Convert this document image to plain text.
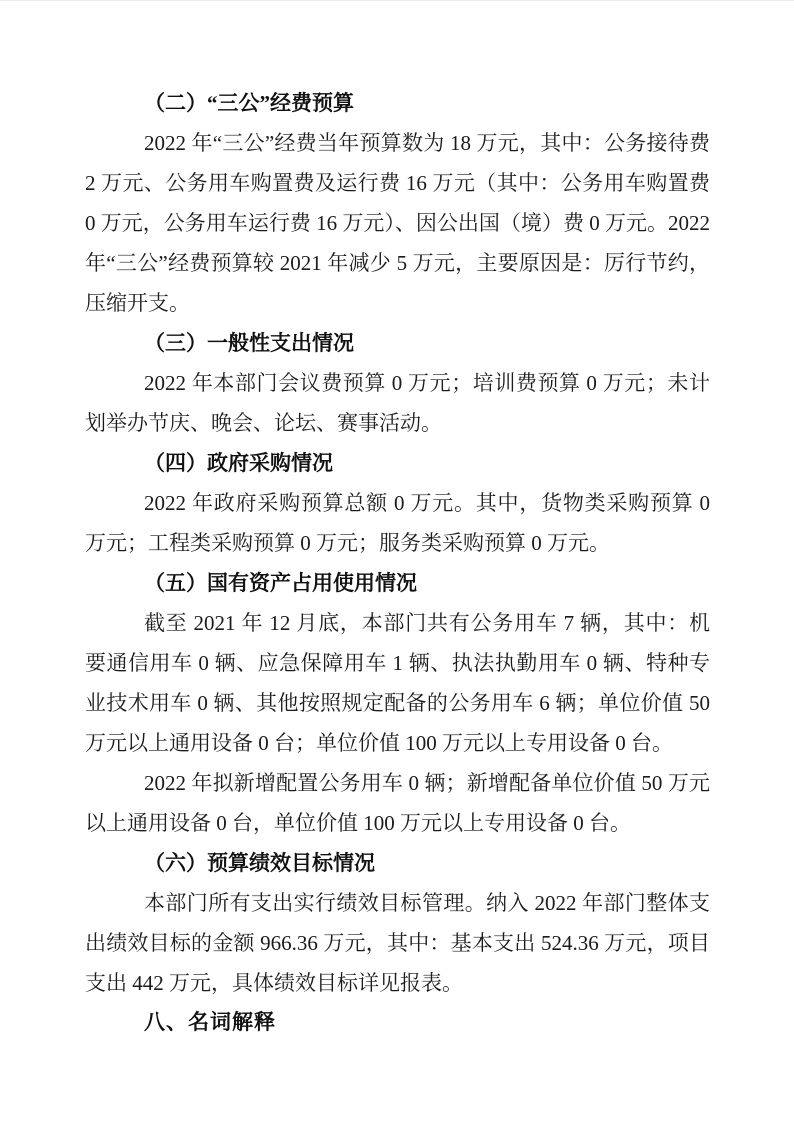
（二）“三公”经费预算

2022 年“三公”经费当年预算数为 18 万元，其中：公务接待费 2 万元、公务用车购置费及运行费 16 万元（其中：公务用车购置费 0 万元，公务用车运行费 16 万元）、因公出国（境）费 0 万元。2022 年“三公”经费预算较 2021 年减少 5 万元，主要原因是：厉行节约，压缩开支。

（三）一般性支出情况

2022 年本部门会议费预算 0 万元；培训费预算 0 万元；未计划举办节庆、晚会、论坛、赛事活动。

（四）政府采购情况

2022 年政府采购预算总额 0 万元。其中，货物类采购预算 0 万元；工程类采购预算 0 万元；服务类采购预算 0 万元。

（五）国有资产占用使用情况

截至 2021 年 12 月底，本部门共有公务用车 7 辆，其中：机要通信用车 0 辆、应急保障用车 1 辆、执法执勤用车 0 辆、特种专业技术用车 0 辆、其他按照规定配备的公务用车 6 辆；单位价值 50 万元以上通用设备 0 台；单位价值 100 万元以上专用设备 0 台。

2022 年拟新增配置公务用车 0 辆；新增配备单位价值 50 万元以上通用设备 0 台，单位价值 100 万元以上专用设备 0 台。

（六）预算绩效目标情况

本部门所有支出实行绩效目标管理。纳入 2022 年部门整体支出绩效目标的金额 966.36 万元，其中：基本支出 524.36 万元，项目支出 442 万元，具体绩效目标详见报表。

八、名词解释
